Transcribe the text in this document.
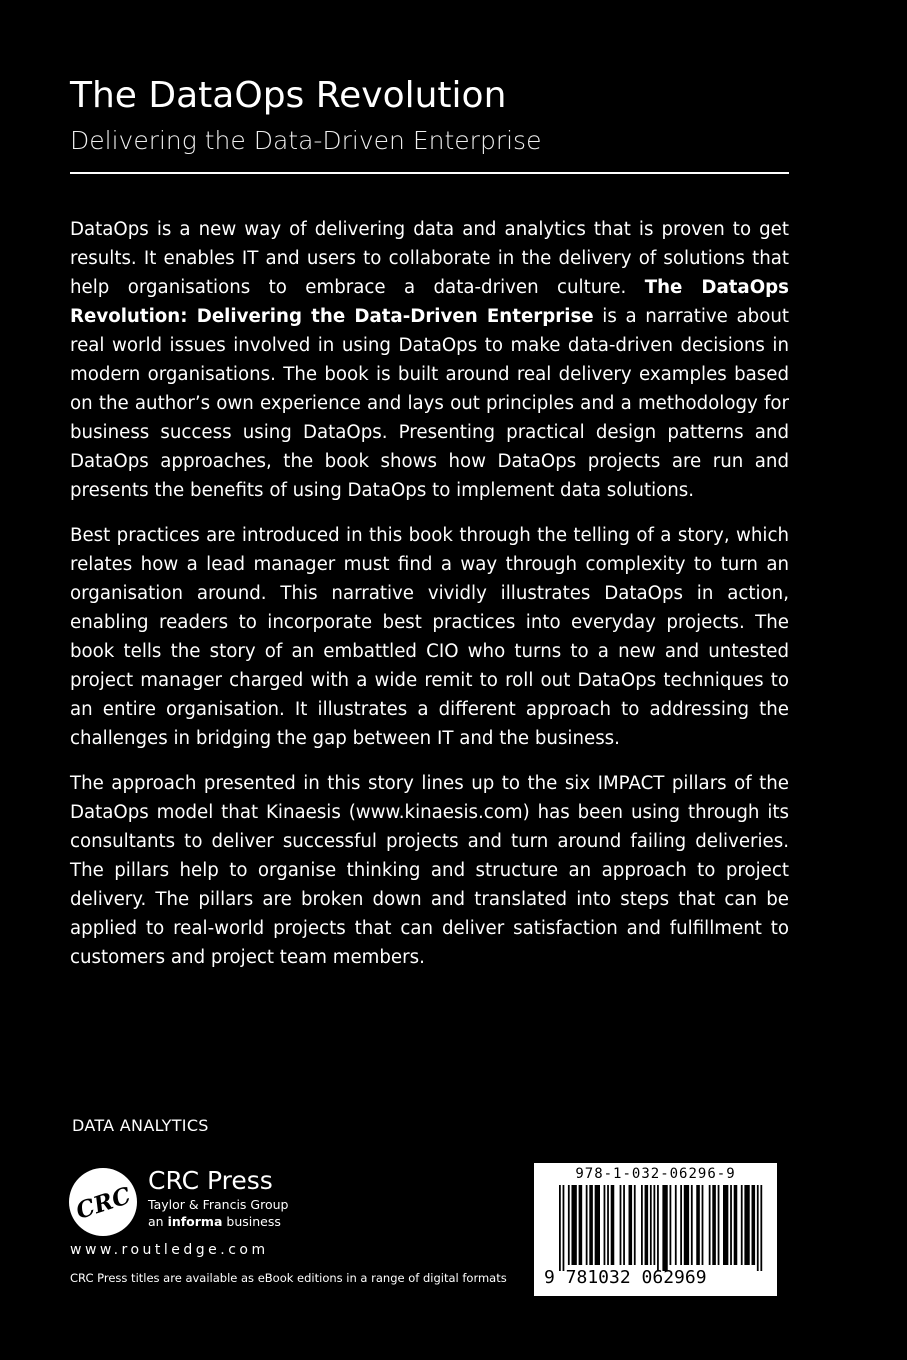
The DataOps Revolution
Delivering the Data-Driven Enterprise

DataOps is a new way of delivering data and analytics that is proven to get results. It enables IT and users to collaborate in the delivery of solutions that help organisations to embrace a data-driven culture. The DataOps Revolution: Delivering the Data-Driven Enterprise is a narrative about real world issues involved in using DataOps to make data-driven decisions in modern organisations. The book is built around real delivery examples based on the author’s own experience and lays out principles and a methodology for business success using DataOps. Presenting practical design patterns and DataOps approaches, the book shows how DataOps projects are run and presents the benefits of using DataOps to implement data solutions.

Best practices are introduced in this book through the telling of a story, which relates how a lead manager must find a way through complexity to turn an organisation around. This narrative vividly illustrates DataOps in action, enabling readers to incorporate best practices into everyday projects. The book tells the story of an embattled CIO who turns to a new and untested project manager charged with a wide remit to roll out DataOps techniques to an entire organisation. It illustrates a different approach to addressing the challenges in bridging the gap between IT and the business.

The approach presented in this story lines up to the six IMPACT pillars of the DataOps model that Kinaesis (www.kinaesis.com) has been using through its consultants to deliver successful projects and turn around failing deliveries. The pillars help to organise thinking and structure an approach to project delivery. The pillars are broken down and translated into steps that can be applied to real-world projects that can deliver satisfaction and fulfillment to customers and project team members.

DATA ANALYTICS
CRC
CRC Press
Taylor & Francis Group
an informa business
www.routledge.com
CRC Press titles are available as eBook editions in a range of digital formats
978-1-032-06296-9
9 781032 062969
